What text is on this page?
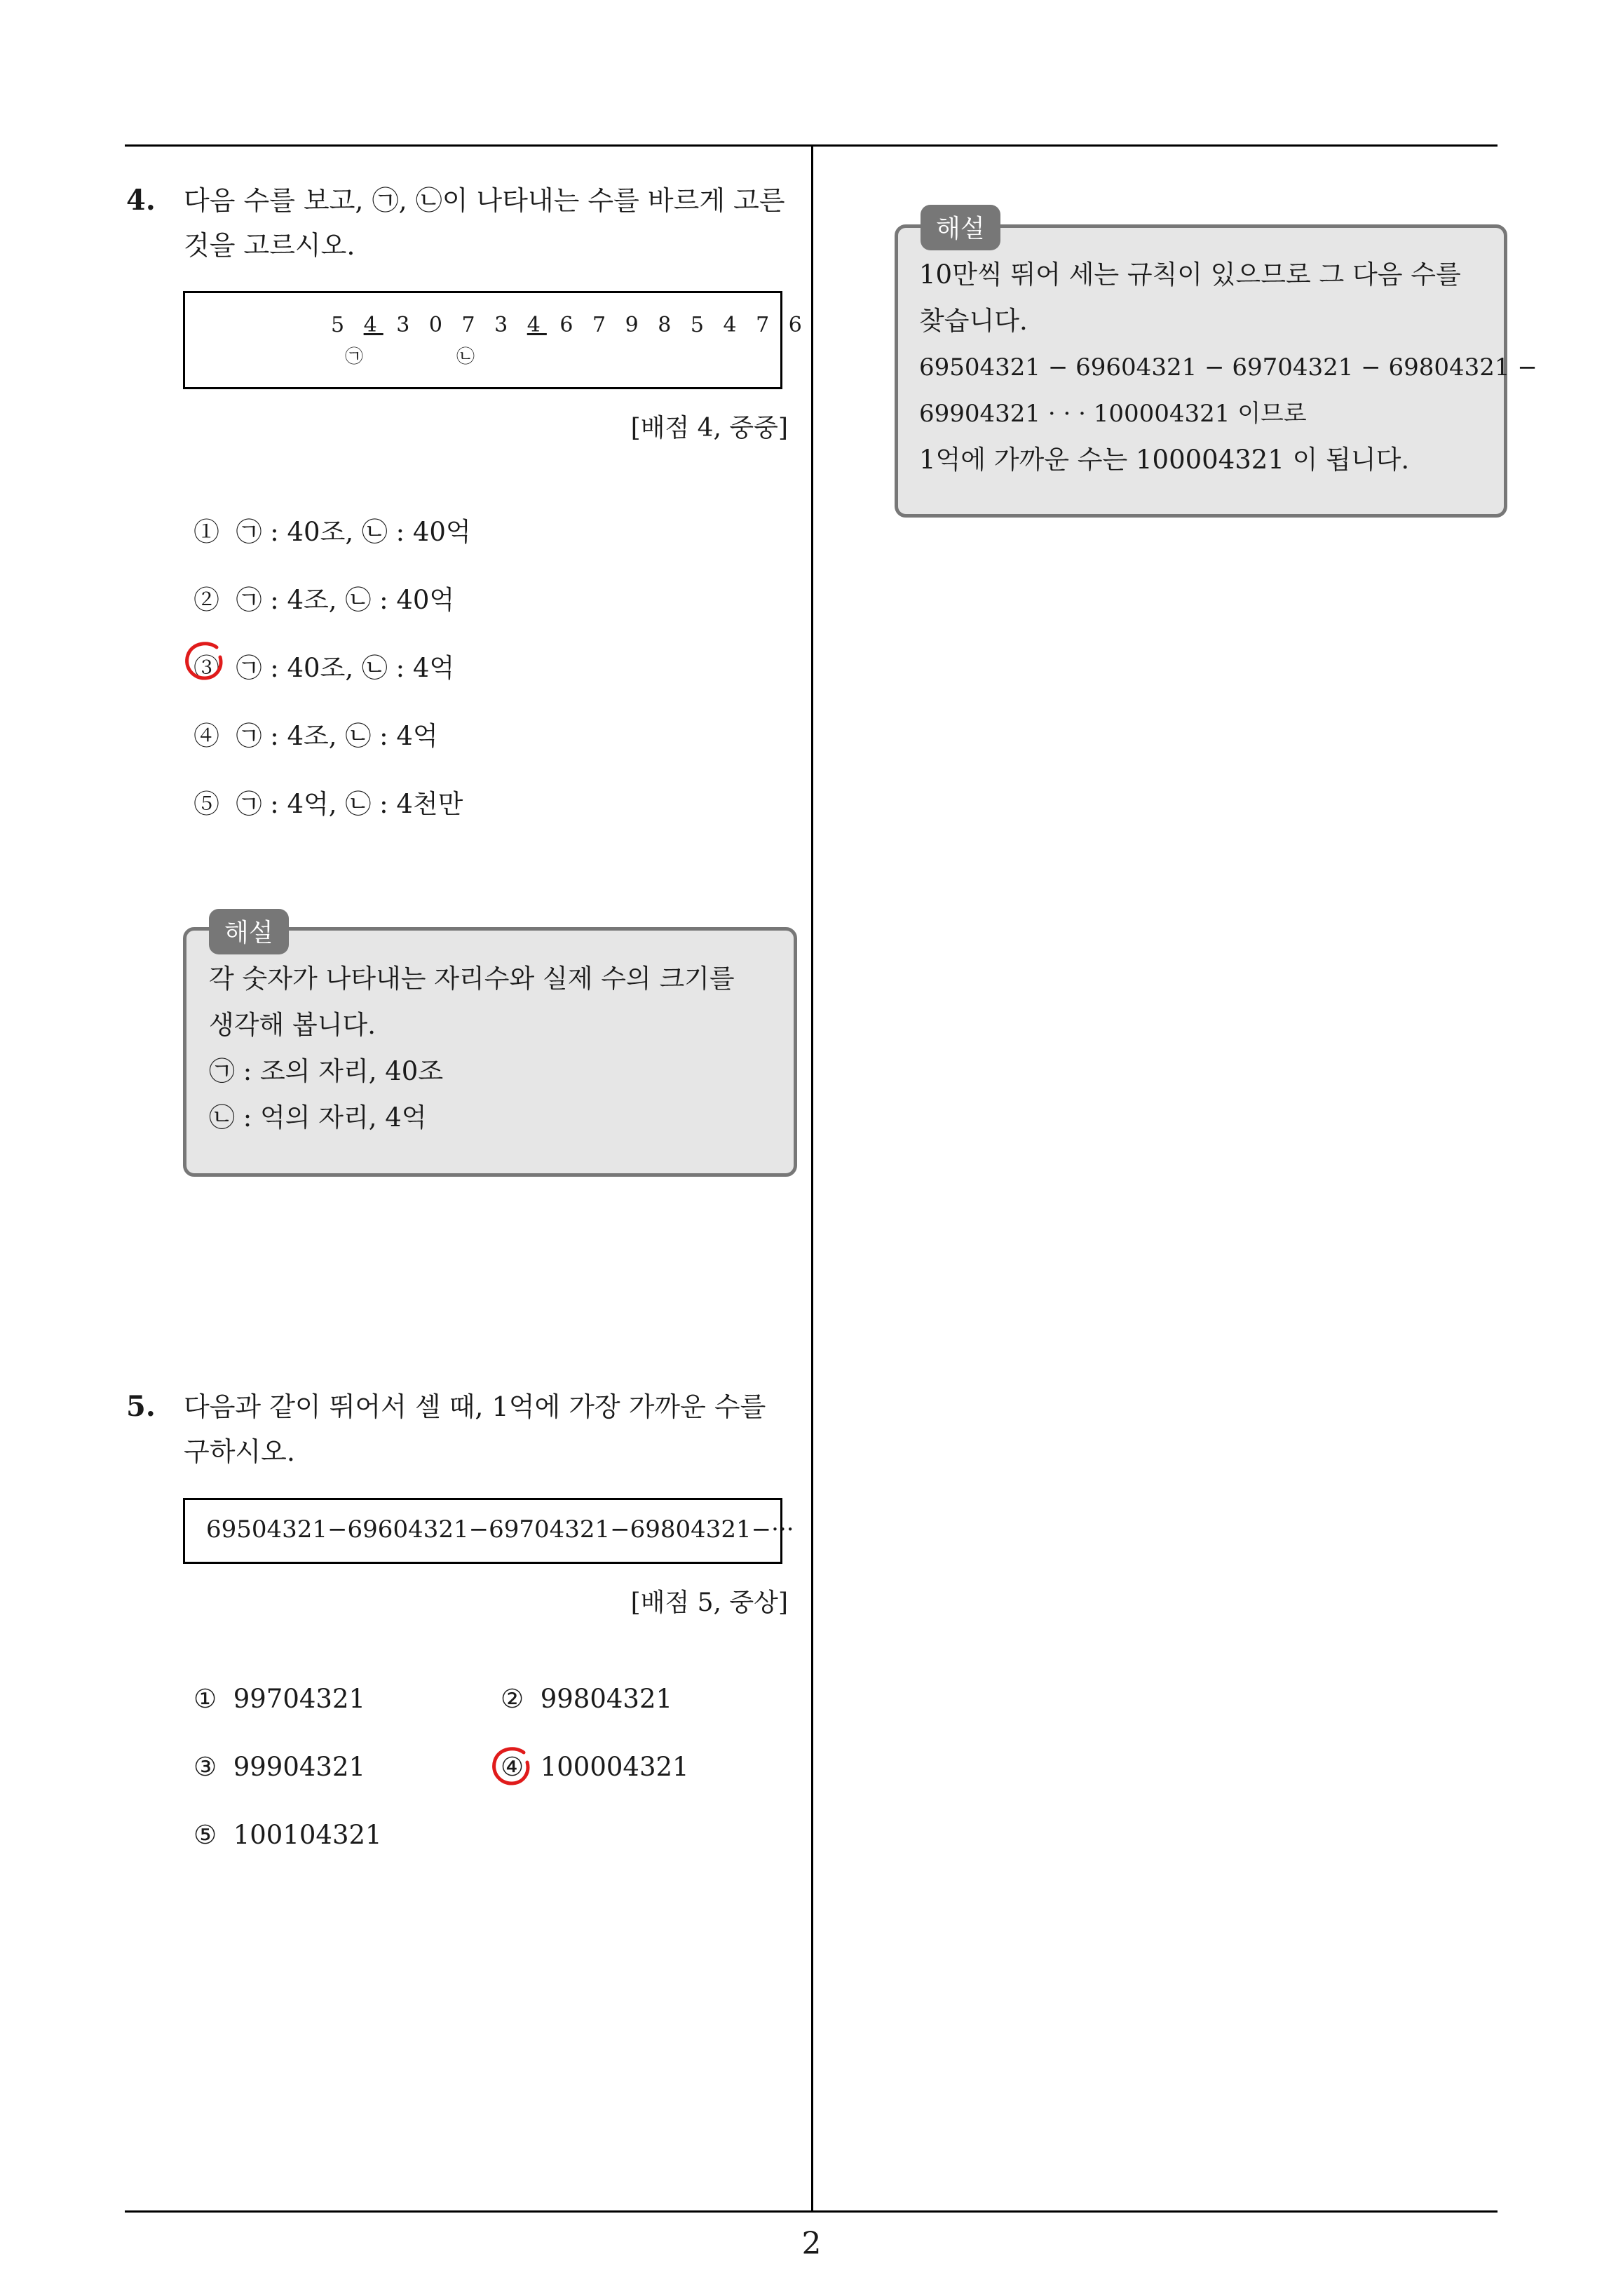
4. 다음 수를 보고, ㉠, ㉡이 나타내는 수를 바르게 고른
것을 고르시오.
5 4 3 0 7 3 4 6 7 9 8 5 4 7 6
㉠	㉡
[배점 4, 중중]
① ㉠ : 40조, ㉡ : 40억
② ㉠ : 4조, ㉡ : 40억
③ ㉠ : 40조, ㉡ : 4억
④ ㉠ : 4조, ㉡ : 4억
⑤ ㉠ : 4억, ㉡ : 4천만
각 숫자가 나타내는 자리수와 실제 수의 크기를
생각해 봅니다.
㉠ : 조의 자리, 40조
㉡ : 억의 자리, 4억
해설
5. 다음과 같이 뛰어서 셀 때, 1억에 가장 가까운 수를
구하시오.
69504321−69604321−69704321−69804321−···
[배점 5, 중상]
① 99704321	② 99804321
③ 99904321	④ 100004321
⑤ 100104321
10만씩 뛰어 세는 규칙이 있으므로 그 다음 수를
찾습니다.
69504321 − 69604321 − 69704321 − 69804321 −
69904321 · · · 100004321 이므로
1억에 가까운 수는 100004321 이 됩니다.
해설
2
